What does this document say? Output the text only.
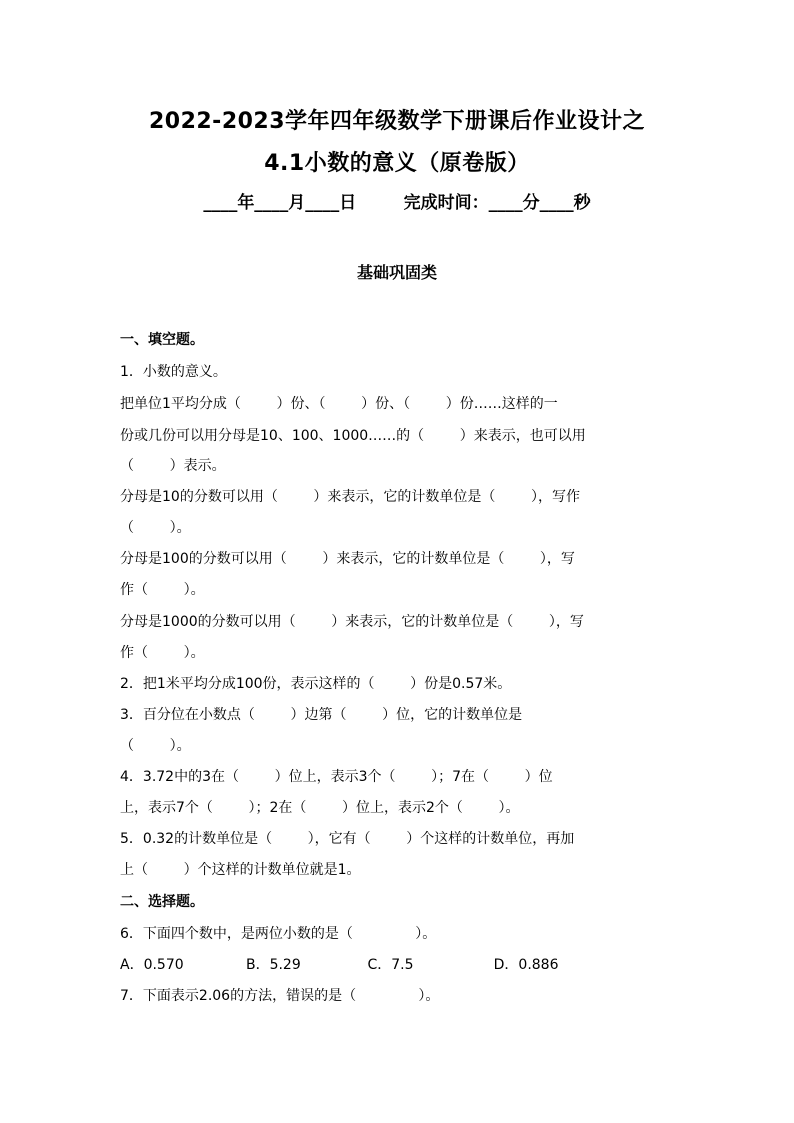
2022-2023学年四年级数学下册课后作业设计之
4.1小数的意义（原卷版）
____年____月____日        完成时间：____分____秒
基础巩固类
一、填空题。
1．小数的意义。
把单位1平均分成（        ）份、（        ）份、（        ）份……这样的一
份或几份可以用分母是10、100、1000……的（        ）来表示，也可以用
（        ）表示。
分母是10的分数可以用（        ）来表示，它的计数单位是（        ），写作
（        ）。
分母是100的分数可以用（        ）来表示，它的计数单位是（        ），写
作（        ）。
分母是1000的分数可以用（        ）来表示，它的计数单位是（        ），写
作（        ）。
2．把1米平均分成100份，表示这样的（        ）份是0.57米。
3．百分位在小数点（        ）边第（        ）位，它的计数单位是
（        ）。
4．3.72中的3在（        ）位上，表示3个（        ）；7在（        ）位
上，表示7个（        ）；2在（        ）位上，表示2个（        ）。
5．0.32的计数单位是（        ），它有（        ）个这样的计数单位，再加
上（        ）个这样的计数单位就是1。
二、选择题。
6．下面四个数中，是两位小数的是（              ）。
A．0.570              B．5.29               C．7.5                  D．0.886
7．下面表示2.06的方法，错误的是（              ）。
